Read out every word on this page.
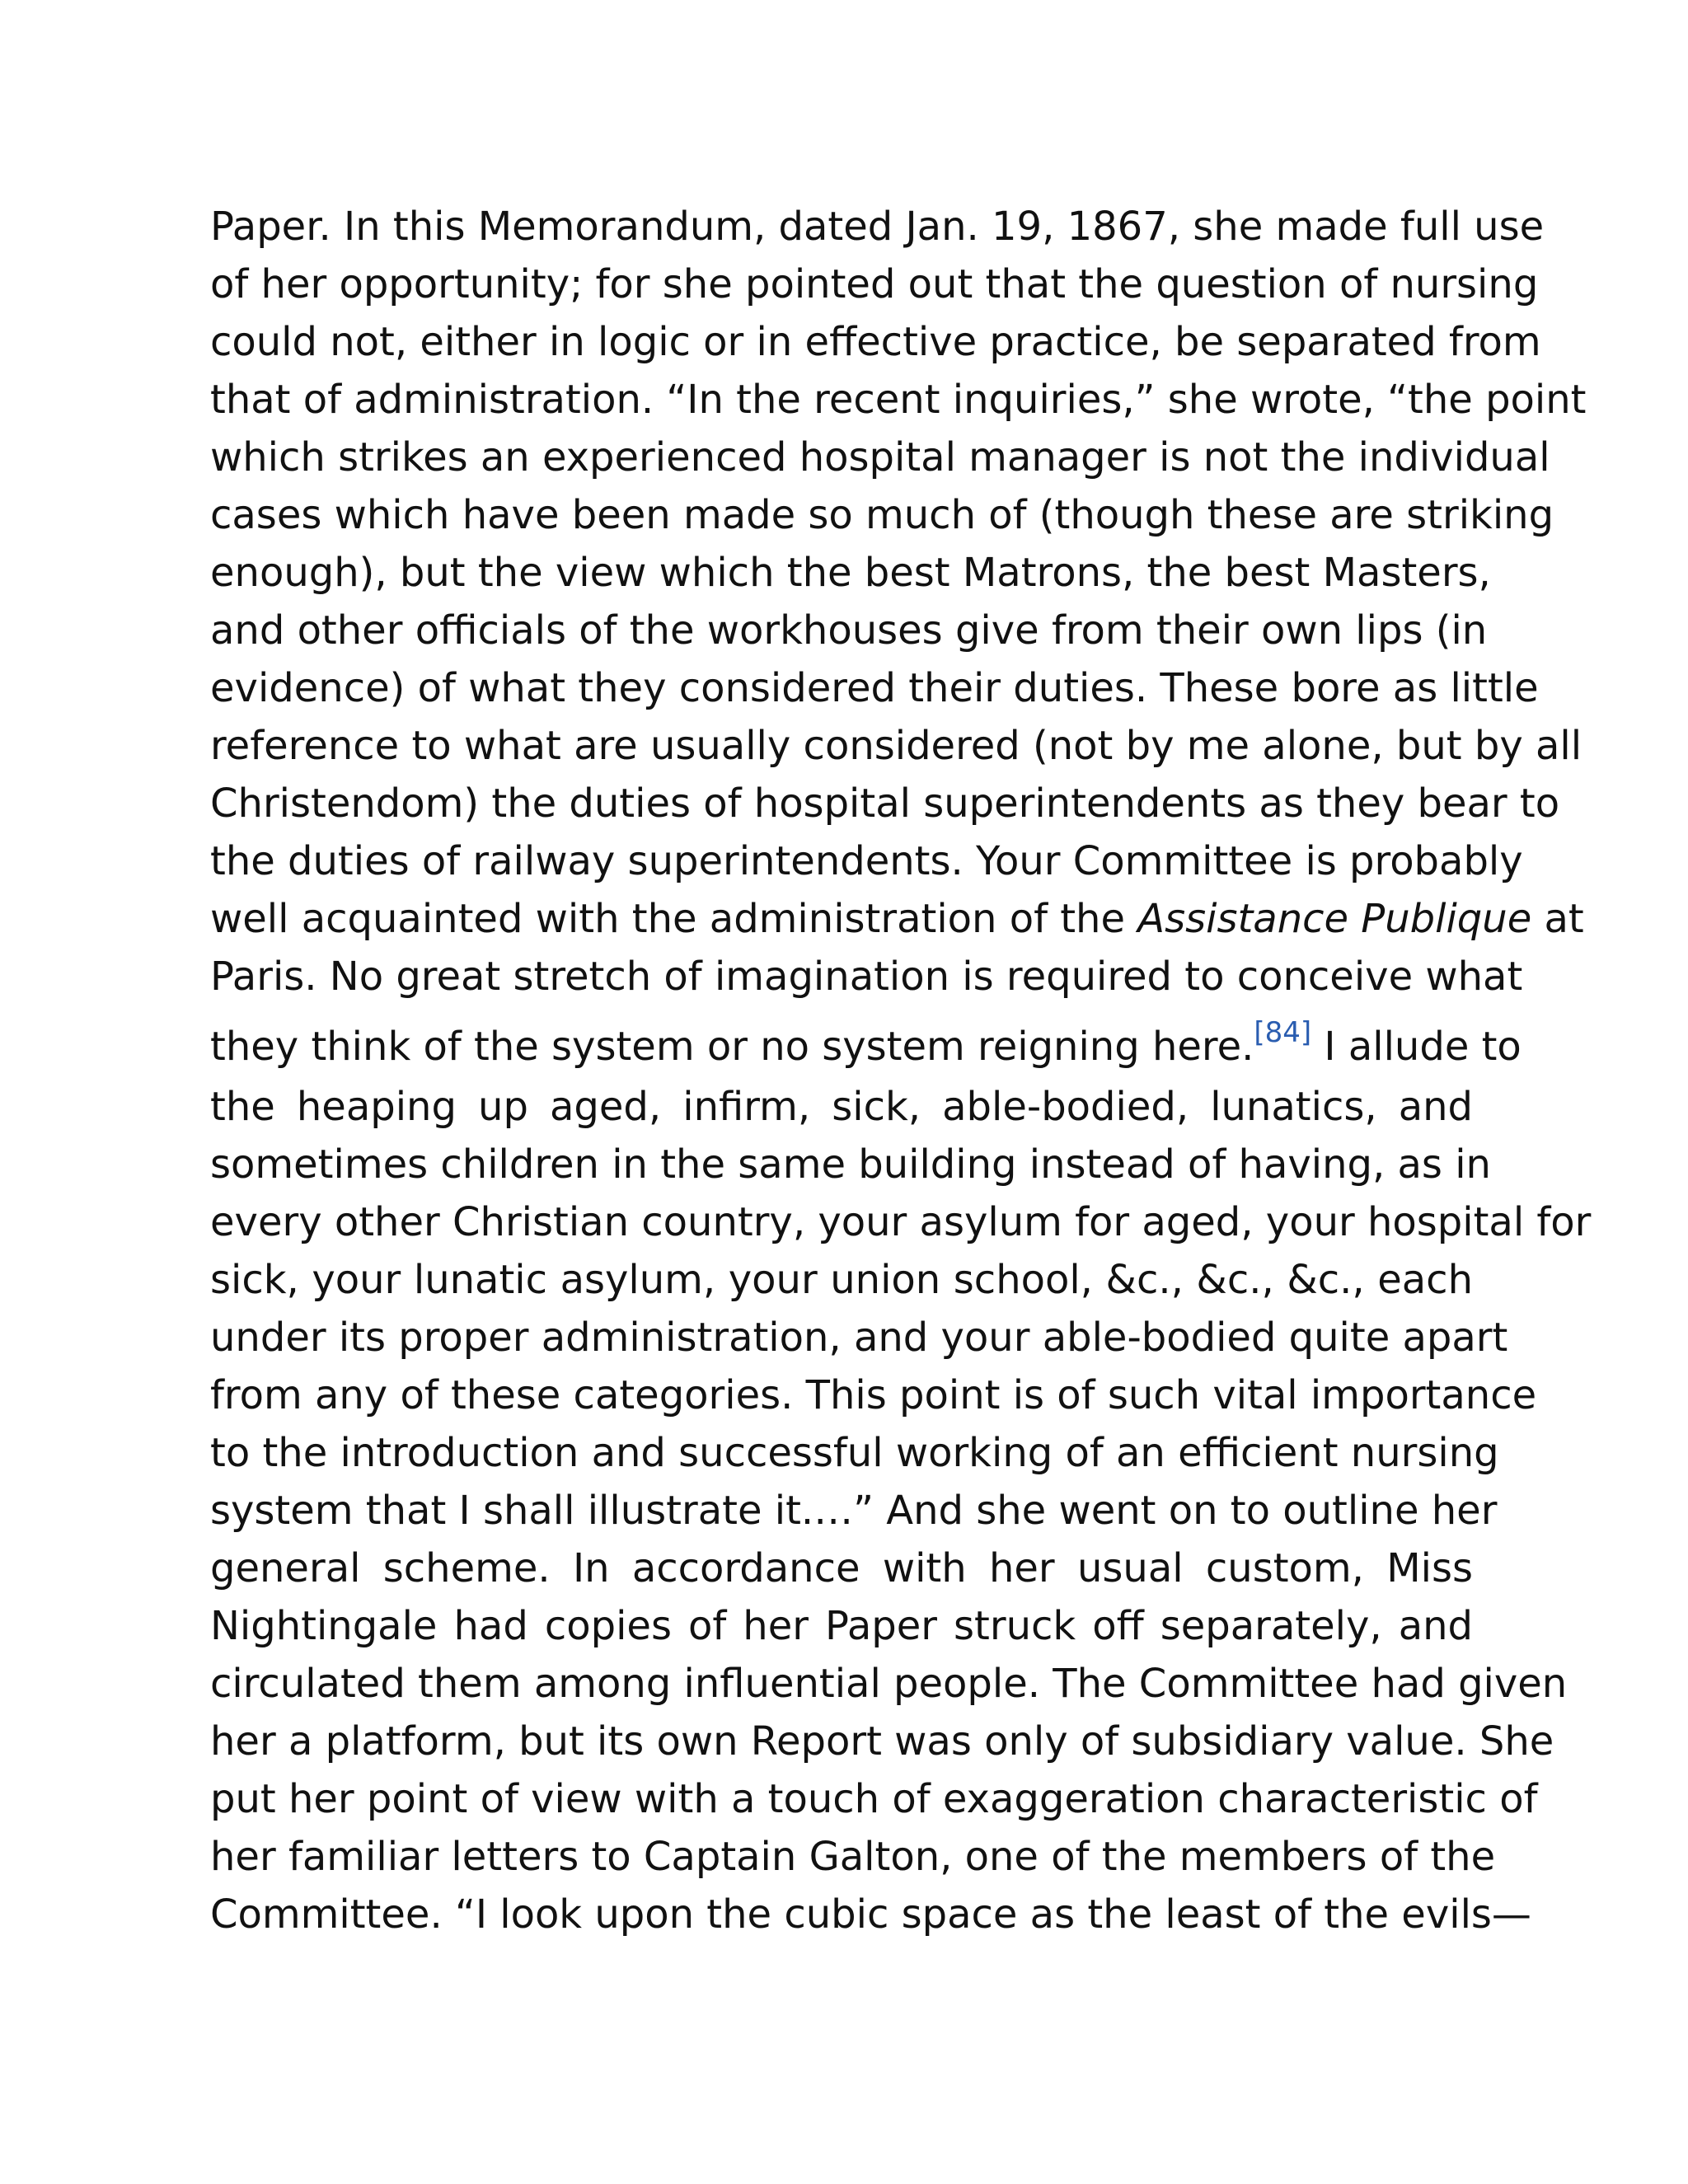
Paper. In this Memorandum, dated Jan. 19, 1867, she made full use
of her opportunity; for she pointed out that the question of nursing
could not, either in logic or in effective practice, be separated from
that of administration. “In the recent inquiries,” she wrote, “the point
which strikes an experienced hospital manager is not the individual
cases which have been made so much of (though these are striking
enough), but the view which the best Matrons, the best Masters,
and other officials of the workhouses give from their own lips (in
evidence) of what they considered their duties. These bore as little
reference to what are usually considered (not by me alone, but by all
Christendom) the duties of hospital superintendents as they bear to
the duties of railway superintendents. Your Committee is probably
well acquainted with the administration of the Assistance Publique at
Paris. No great stretch of imagination is required to conceive what
they think of the system or no system reigning here.[84] I allude to
the heaping up aged, infirm, sick, able-bodied, lunatics, and
sometimes children in the same building instead of having, as in
every other Christian country, your asylum for aged, your hospital for
sick, your lunatic asylum, your union school, &c., &c., &c., each
under its proper administration, and your able-bodied quite apart
from any of these categories. This point is of such vital importance
to the introduction and successful working of an efficient nursing
system that I shall illustrate it.…” And she went on to outline her
general scheme. In accordance with her usual custom, Miss
Nightingale had copies of her Paper struck off separately, and
circulated them among influential people. The Committee had given
her a platform, but its own Report was only of subsidiary value. She
put her point of view with a touch of exaggeration characteristic of
her familiar letters to Captain Galton, one of the members of the
Committee. “I look upon the cubic space as the least of the evils—
